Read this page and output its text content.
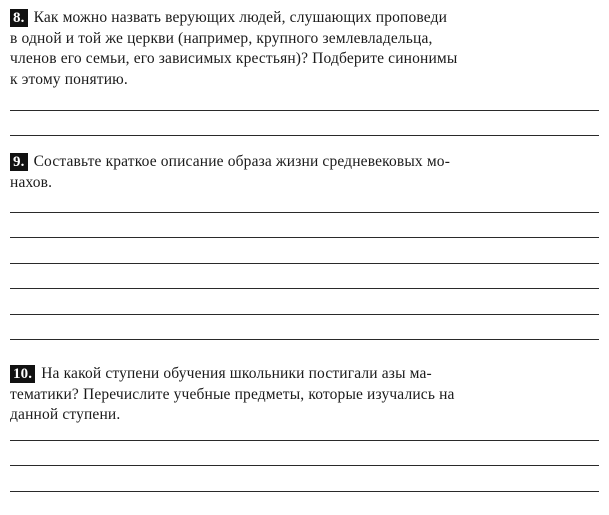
8. Как можно назвать верующих людей, слушающих проповеди
в одной и той же церкви (например, крупного землевладельца,
членов его семьи, его зависимых крестьян)? Подберите синонимы
к этому понятию.
9. Составьте краткое описание образа жизни средневековых мо-
нахов.
10. На какой ступени обучения школьники постигали азы ма-
тематики? Перечислите учебные предметы, которые изучались на
данной ступени.
